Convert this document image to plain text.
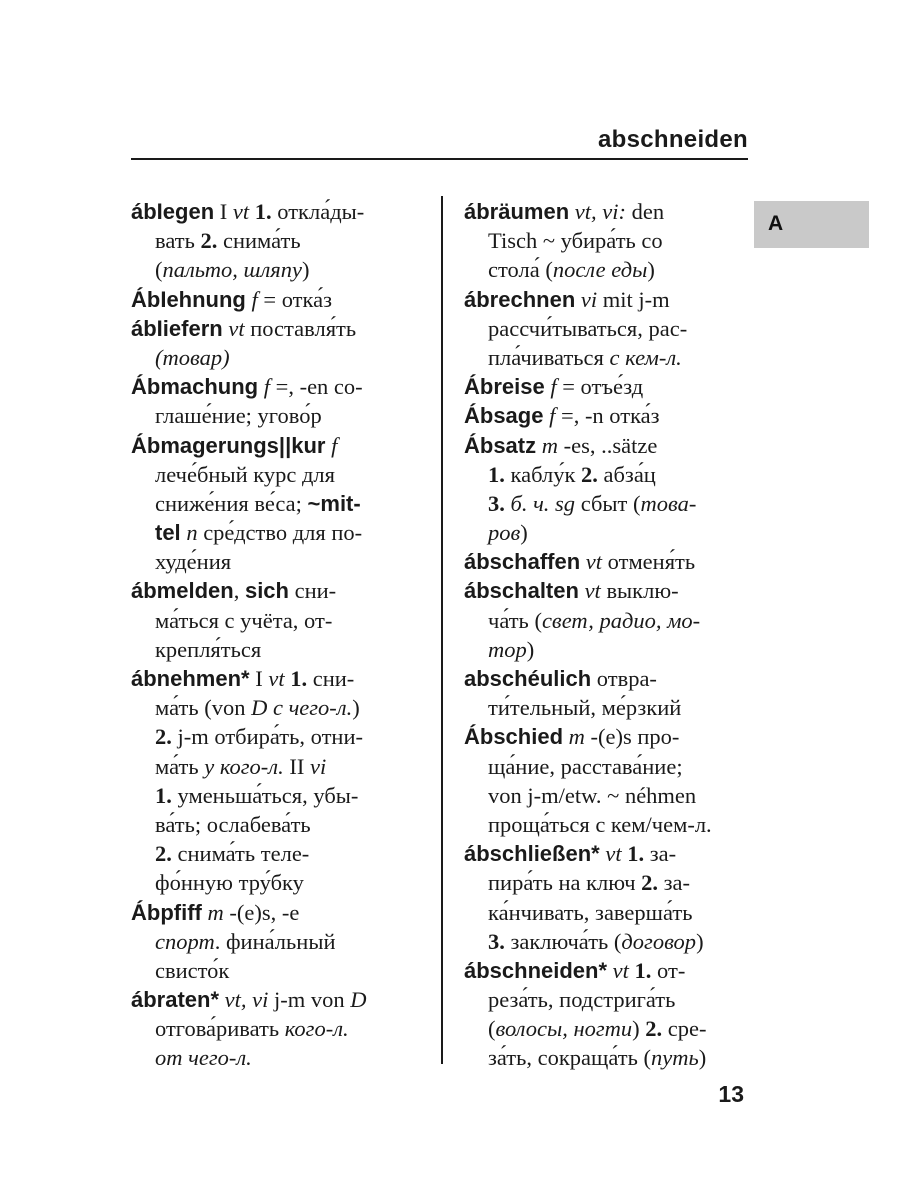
abschneiden
A
ábIegen I vt 1. откла́ды-
вать 2. снима́ть
(пальто, шляпу)
ÁbIehnung f = отка́з
ábIiefern vt поставля́ть
(товар)
Ábmachung f =, -en со-
глаше́ние; угово́р
Ábmagerungs||kur f
лече́бный курс для
сниже́ния ве́са; ~mit-
tel n сре́дство для по-
худе́ния
ábmelden, sich сни-
ма́ться с учёта, от-
крепля́ться
ábnehmen* I vt 1. сни-
ма́ть (von D с чего-л.)
2. j-m отбира́ть, отни-
ма́ть у кого-л. II vi
1. уменьша́ться, убы-
ва́ть; ослабева́ть
2. снима́ть теле-
фо́нную тру́бку
Ábpfiff m -(e)s, -e
спорт. фина́льный
свисто́к
ábraten* vt, vi j-m von D
отгова́ривать кого-л.
от чего-л.
ábräumen vt, vi: den
Tisch ~ убира́ть со
стола́ (после еды)
ábrechnen vi mit j-m
рассчи́тываться, рас-
пла́чиваться с кем-л.
Ábreise f = отъе́зд
Ábsage f =, -n отка́з
Ábsatz m -es, ..sätze
1. каблу́к 2. абза́ц
3. б. ч. sg сбыт (това-
ров)
ábschaffen vt отменя́ть
ábschalten vt выклю-
ча́ть (свет, радио, мо-
тор)
abschéulich отвра-
ти́тельный, ме́рзкий
Ábschied m -(e)s про-
ща́ние, расстава́ние;
von j-m/etw. ~ néhmen
проща́ться с кем/чем-л.
ábschließen* vt 1. за-
пира́ть на ключ 2. за-
ка́нчивать, заверша́ть
3. заключа́ть (договор)
ábschneiden* vt 1. от-
реза́ть, подстрига́ть
(волосы, ногти) 2. сре-
за́ть, сокраща́ть (путь)
13
